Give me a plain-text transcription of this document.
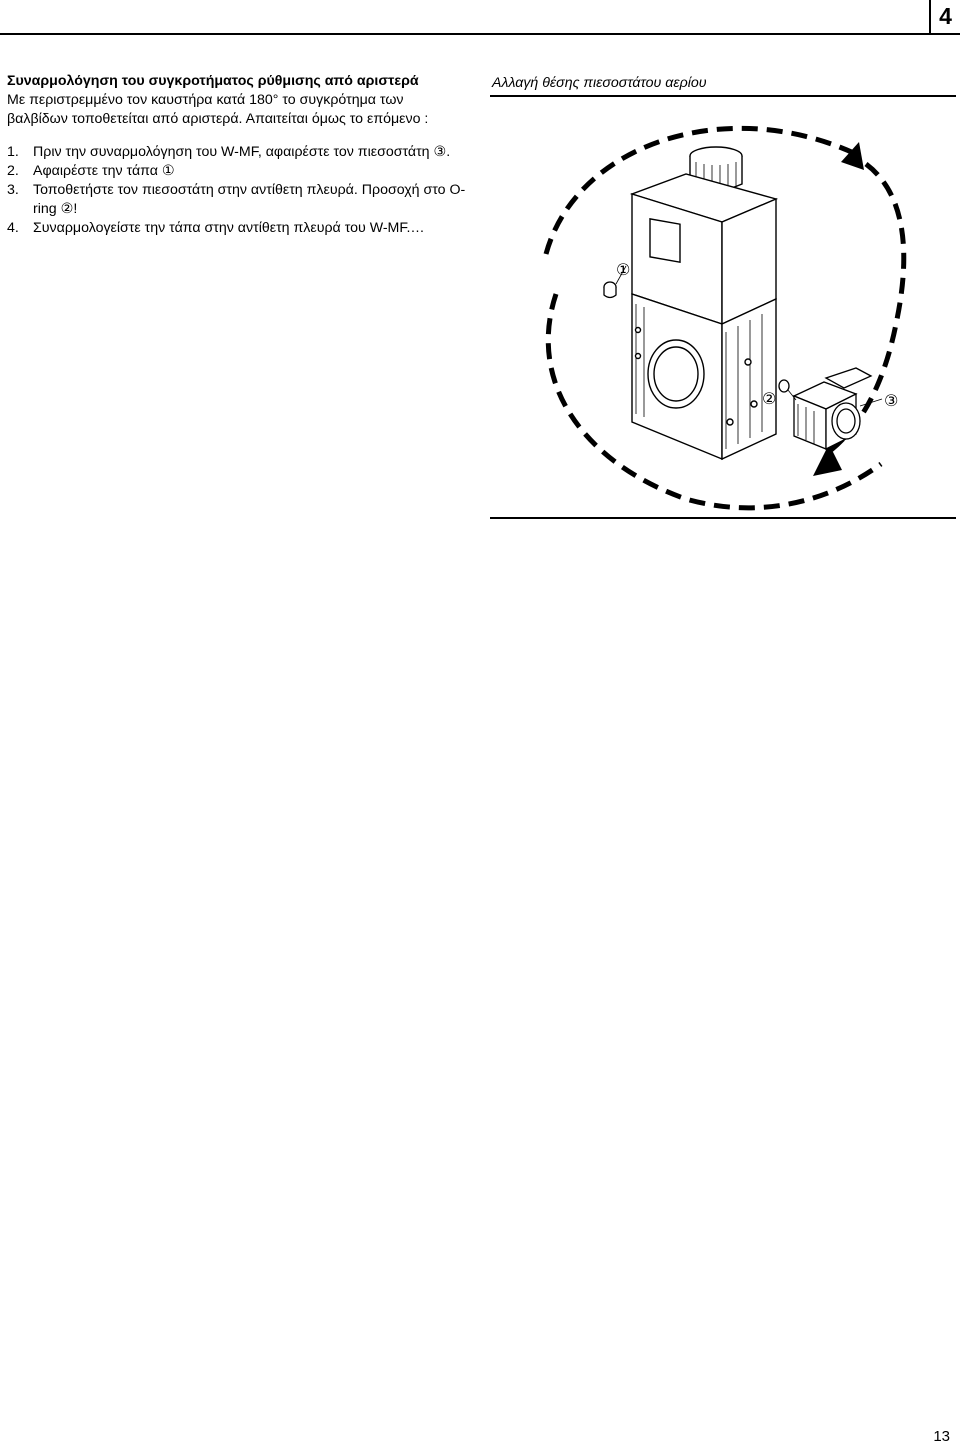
4
Συναρμολόγηση του συγκροτήματος ρύθμισης από αριστερά
Με περιστρεμμένο τον καυστήρα κατά 180° το συγκρότημα των βαλβίδων τοποθετείται από αριστερά. Απαιτείται όμως το επόμενο :
1. Πριν την συναρμολόγηση του W-MF, αφαιρέστε τον πιεσοστάτη ③.
2. Αφαιρέστε την τάπα ①
3. Τοποθετήστε τον πιεσοστάτη στην αντίθετη πλευρά. Προσοχή στο O-ring ②!
4. Συναρμολογείστε την τάπα στην αντίθετη πλευρά του W-MF.…
Αλλαγή θέσης πιεσοστάτου αερίου
①
②	③
13
